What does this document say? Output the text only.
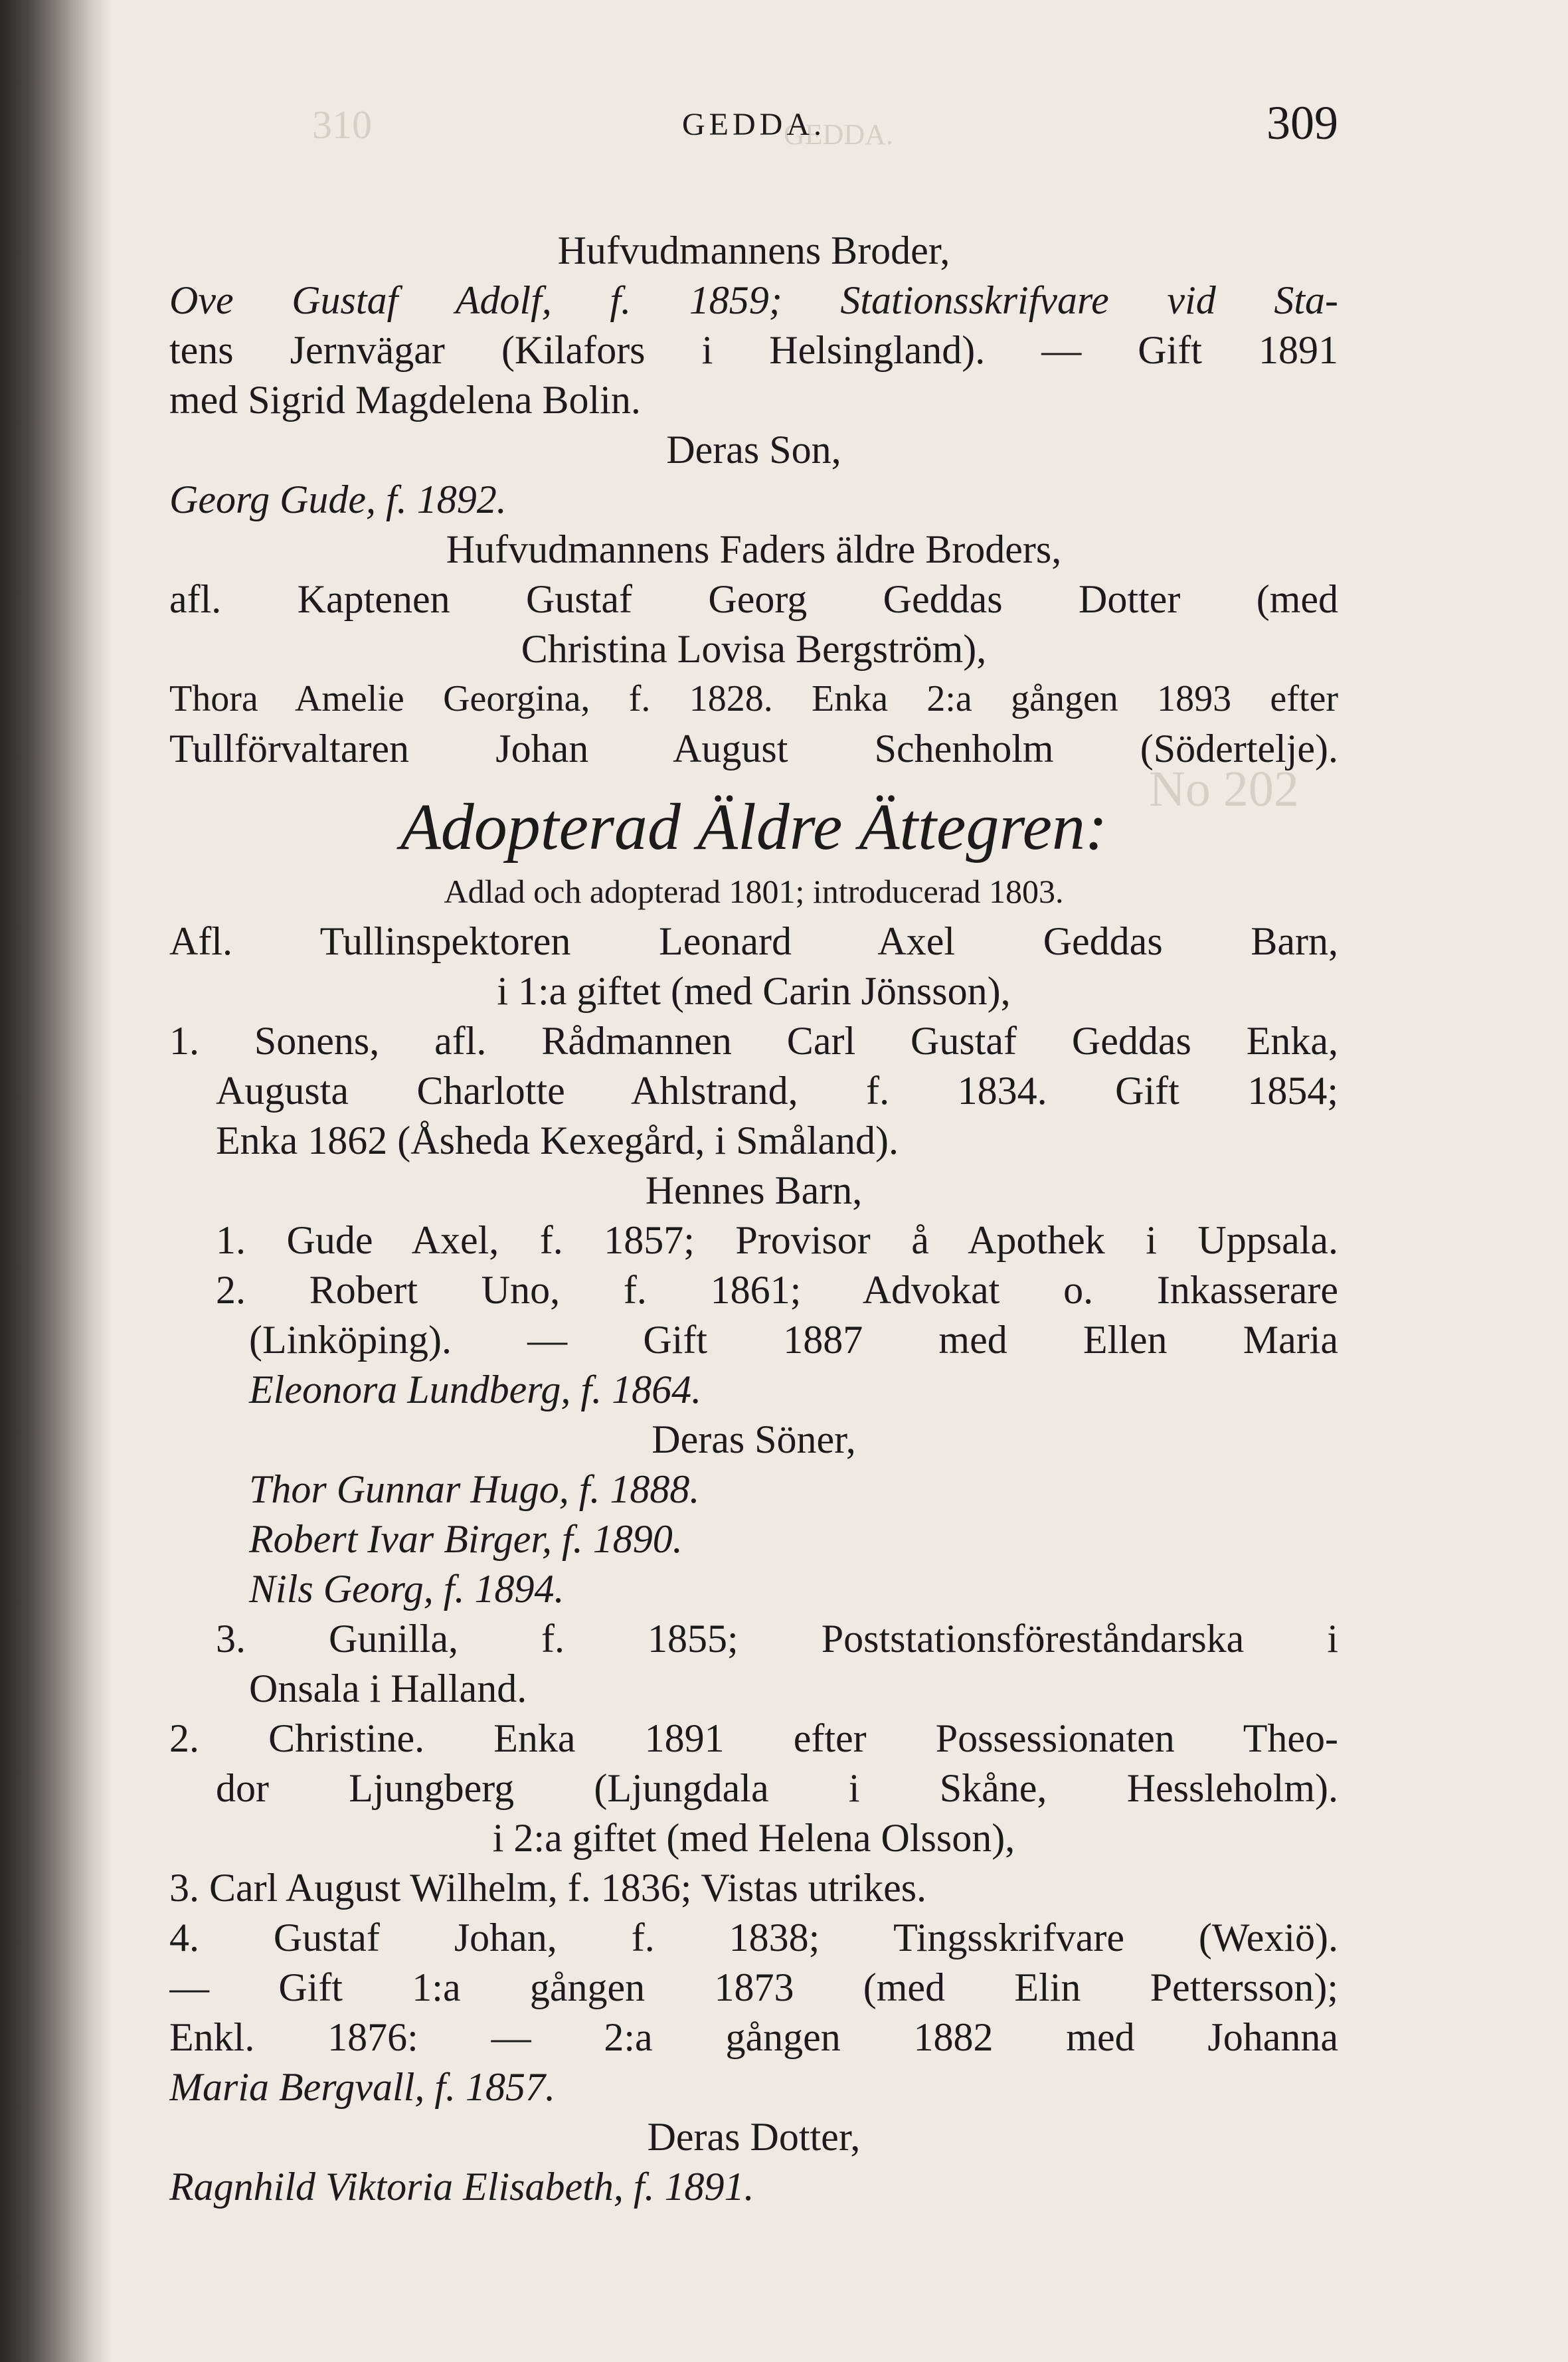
310	GEDDA.
No 202
GEDDA.	309
Hufvudmannens Broder,
Ove Gustaf Adolf, f. 1859; Stationsskrifvare vid Sta-
tens Jernvägar (Kilafors i Helsingland). — Gift 1891
med Sigrid Magdelena Bolin.
Deras Son,
Georg Gude, f. 1892.
Hufvudmannens Faders äldre Broders,
afl. Kaptenen Gustaf Georg Geddas Dotter (med
Christina Lovisa Bergström),
Thora Amelie Georgina, f. 1828. Enka 2:a gången 1893 efter
Tullförvaltaren Johan August Schenholm (Södertelje).
Adopterad Äldre Ättegren:
Adlad och adopterad 1801; introducerad 1803.
Afl. Tullinspektoren Leonard Axel Geddas Barn,
i 1:a giftet (med Carin Jönsson),
1. Sonens, afl. Rådmannen Carl Gustaf Geddas Enka,
Augusta Charlotte Ahlstrand, f. 1834. Gift 1854;
Enka 1862 (Åsheda Kexegård, i Småland).
Hennes Barn,
1. Gude Axel, f. 1857; Provisor å Apothek i Uppsala.
2. Robert Uno, f. 1861; Advokat o. Inkasserare
(Linköping). — Gift 1887 med Ellen Maria
Eleonora Lundberg, f. 1864.
Deras Söner,
Thor Gunnar Hugo, f. 1888.
Robert Ivar Birger, f. 1890.
Nils Georg, f. 1894.
3. Gunilla, f. 1855; Poststationsföreståndarska i
Onsala i Halland.
2. Christine. Enka 1891 efter Possessionaten Theo-
dor Ljungberg (Ljungdala i Skåne, Hessleholm).
i 2:a giftet (med Helena Olsson),
3. Carl August Wilhelm, f. 1836; Vistas utrikes.
4. Gustaf Johan, f. 1838; Tingsskrifvare (Wexiö).
— Gift 1:a gången 1873 (med Elin Pettersson);
Enkl. 1876: — 2:a gången 1882 med Johanna
Maria Bergvall, f. 1857.
Deras Dotter,
Ragnhild Viktoria Elisabeth, f. 1891.
